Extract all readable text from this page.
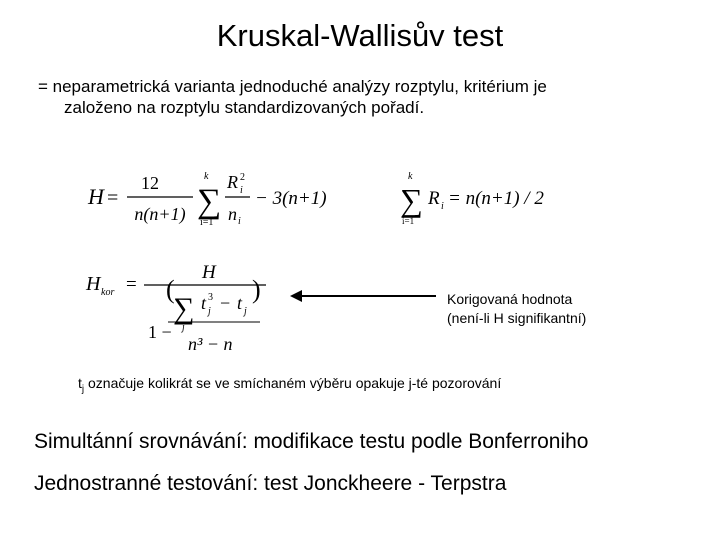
Kruskal-Wallisův test
= neparametrická varianta jednoduché analýzy rozptylu, kritérium je
založeno na rozptylu standardizovaných pořadí.
H =
12
n(n+1)
k
∑
i=1
R 2
i
n i
− 3(n+1)
k
∑
i=1
R i = n(n+1) / 2
H kor =
H
1 −
∑
j
t 3
j − t j
(	)
n³ − n
Korigovaná hodnota
(není-li H signifikantní)
$t_j$ označuje kolikrát se ve smíchaném výběru opakuje j-té pozorování
Simultánní srovnávání: modifikace testu podle Bonferroniho
Jednostranné testování: test Jonckheere - Terpstra
